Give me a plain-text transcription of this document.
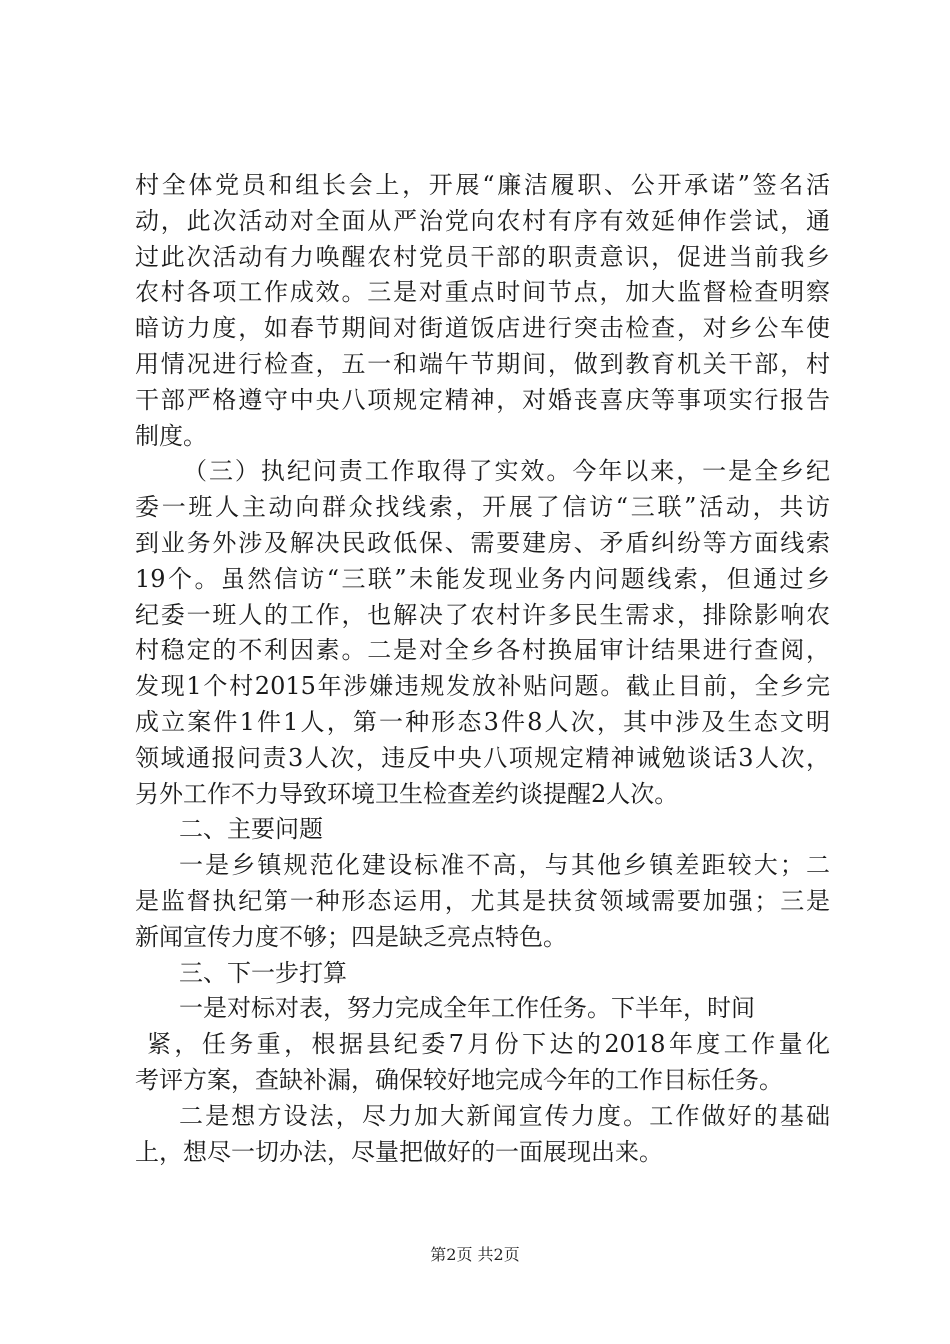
村全体党员和组长会上，开展“廉洁履职、公开承诺”签名活
动，此次活动对全面从严治党向农村有序有效延伸作尝试，通
过此次活动有力唤醒农村党员干部的职责意识，促进当前我乡
农村各项工作成效。三是对重点时间节点，加大监督检查明察
暗访力度，如春节期间对街道饭店进行突击检查，对乡公车使
用情况进行检查，五一和端午节期间，做到教育机关干部，村
干部严格遵守中央八项规定精神，对婚丧喜庆等事项实行报告
制度。
（三）执纪问责工作取得了实效。今年以来，一是全乡纪
委一班人主动向群众找线索，开展了信访“三联”活动，共访
到业务外涉及解决民政低保、需要建房、矛盾纠纷等方面线索
19个。虽然信访“三联”未能发现业务内问题线索，但通过乡
纪委一班人的工作，也解决了农村许多民生需求，排除影响农
村稳定的不利因素。二是对全乡各村换届审计结果进行查阅，
发现1个村2015年涉嫌违规发放补贴问题。截止目前，全乡完
成立案件1件1人，第一种形态3件8人次，其中涉及生态文明
领域通报问责3人次，违反中央八项规定精神诫勉谈话3人次，
另外工作不力导致环境卫生检查差约谈提醒2人次。
二、主要问题
一是乡镇规范化建设标准不高，与其他乡镇差距较大；二
是监督执纪第一种形态运用，尤其是扶贫领域需要加强；三是
新闻宣传力度不够；四是缺乏亮点特色。
三、下一步打算
一是对标对表，努力完成全年工作任务。下半年，时间
紧，任务重，根据县纪委7月份下达的2018年度工作量化
考评方案，查缺补漏，确保较好地完成今年的工作目标任务。
二是想方设法，尽力加大新闻宣传力度。工作做好的基础
上，想尽一切办法，尽量把做好的一面展现出来。
第2页 共2页
